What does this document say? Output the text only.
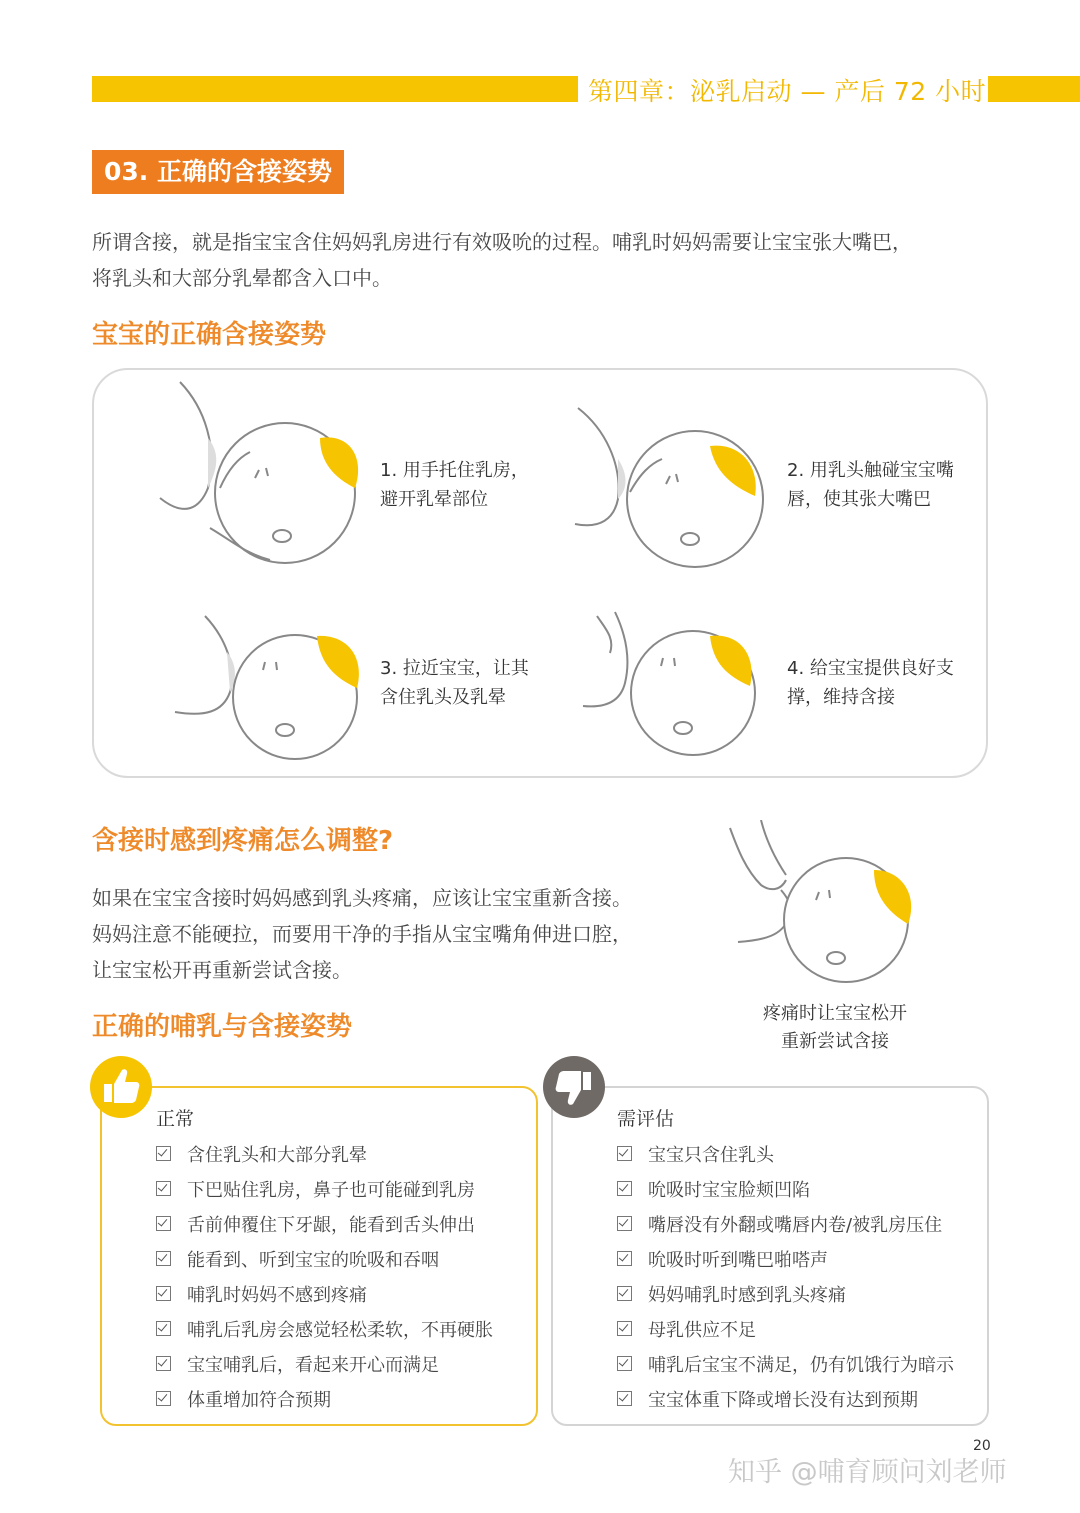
第四章：泌乳启动 — 产后 72 小时
03. 正确的含接姿势
所谓含接，就是指宝宝含住妈妈乳房进行有效吸吮的过程。哺乳时妈妈需要让宝宝张大嘴巴，
将乳头和大部分乳晕都含入口中。
宝宝的正确含接姿势
1. 用手托住乳房，
避开乳晕部位
2. 用乳头触碰宝宝嘴
唇，使其张大嘴巴
3. 拉近宝宝，让其
含住乳头及乳晕
4. 给宝宝提供良好支
撑，维持含接
含接时感到疼痛怎么调整?
如果在宝宝含接时妈妈感到乳头疼痛，应该让宝宝重新含接。
妈妈注意不能硬拉，而要用干净的手指从宝宝嘴角伸进口腔，
让宝宝松开再重新尝试含接。
疼痛时让宝宝松开
重新尝试含接
正确的哺乳与含接姿势
正常
含住乳头和大部分乳晕
下巴贴住乳房，鼻子也可能碰到乳房
舌前伸覆住下牙龈，能看到舌头伸出
能看到、听到宝宝的吮吸和吞咽
哺乳时妈妈不感到疼痛
哺乳后乳房会感觉轻松柔软，不再硬胀
宝宝哺乳后，看起来开心而满足
体重增加符合预期
需评估
宝宝只含住乳头
吮吸时宝宝脸颊凹陷
嘴唇没有外翻或嘴唇内卷/被乳房压住
吮吸时听到嘴巴啪嗒声
妈妈哺乳时感到乳头疼痛
母乳供应不足
哺乳后宝宝不满足，仍有饥饿行为暗示
宝宝体重下降或增长没有达到预期
20
知乎 @哺育顾问刘老师
